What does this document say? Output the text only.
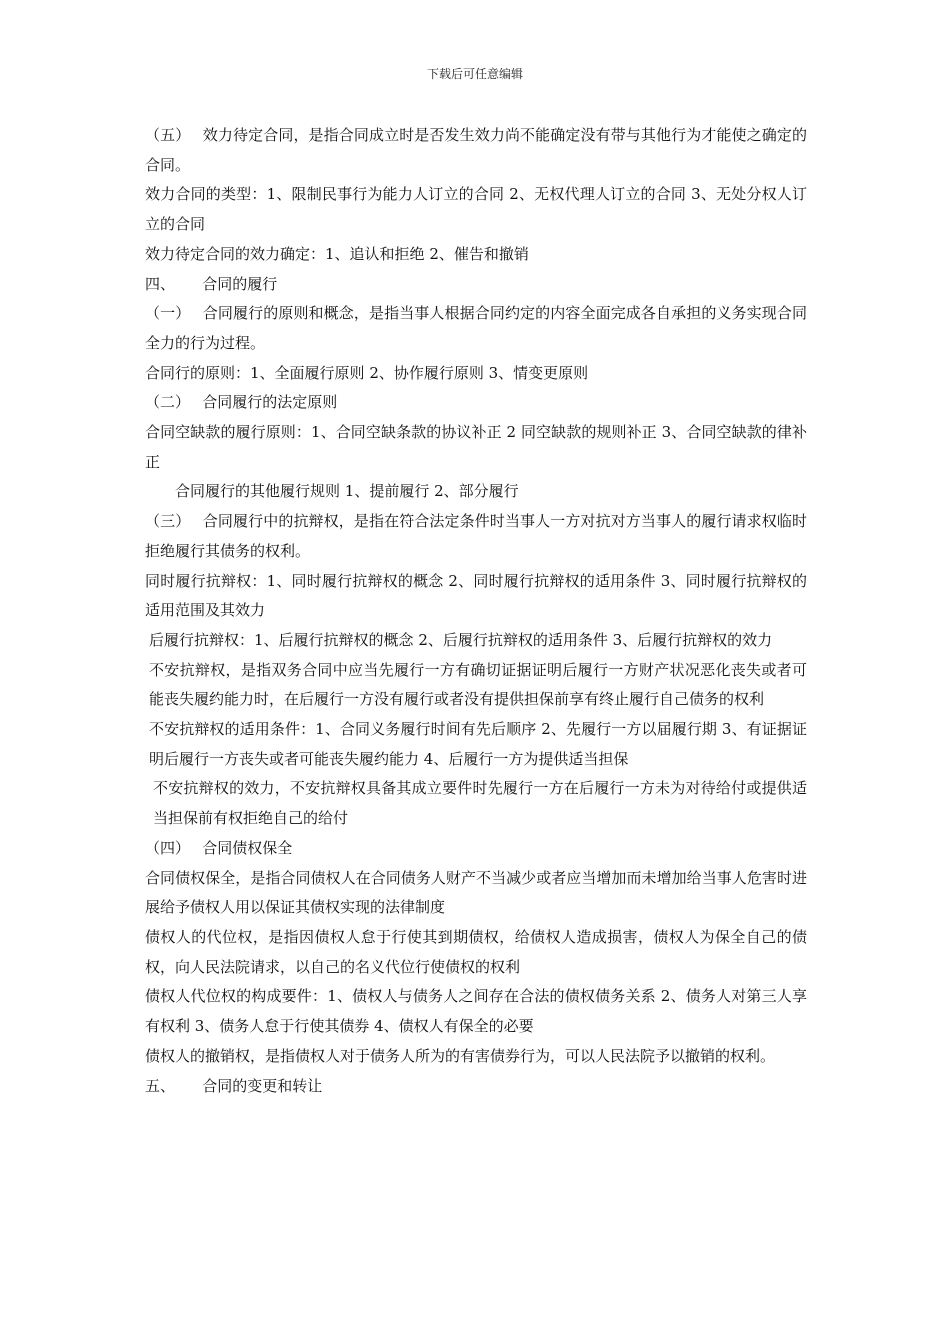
下载后可任意编辑

（五）　 效力待定合同，是指合同成立时是否发生效力尚不能确定没有带与其他行为才能使之确定的合同。

效力合同的类型：1、限制民事行为能力人订立的合同 2、无权代理人订立的合同 3、无处分权人订立的合同

效力待定合同的效力确定：1、追认和拒绝 2、催告和撤销

四、　　 合同的履行

（一）　 合同履行的原则和概念，是指当事人根据合同约定的内容全面完成各自承担的义务实现合同全力的行为过程。

合同行的原则：1、全面履行原则 2、协作履行原则 3、情变更原则

（二）　 合同履行的法定原则

合同空缺款的履行原则：1、合同空缺条款的协议补正 2 同空缺款的规则补正 3、合同空缺款的律补正

合同履行的其他履行规则 1、提前履行 2、部分履行

（三）　 合同履行中的抗辩权，是指在符合法定条件时当事人一方对抗对方当事人的履行请求权临时拒绝履行其债务的权利。

同时履行抗辩权：1、同时履行抗辩权的概念 2、同时履行抗辩权的适用条件 3、同时履行抗辩权的适用范围及其效力

后履行抗辩权：1、后履行抗辩权的概念 2、后履行抗辩权的适用条件 3、后履行抗辩权的效力

不安抗辩权，是指双务合同中应当先履行一方有确切证据证明后履行一方财产状况恶化丧失或者可能丧失履约能力时，在后履行一方没有履行或者没有提供担保前享有终止履行自己债务的权利

不安抗辩权的适用条件：1、合同义务履行时间有先后顺序 2、先履行一方以届履行期 3、有证据证明后履行一方丧失或者可能丧失履约能力 4、后履行一方为提供适当担保

不安抗辩权的效力，不安抗辩权具备其成立要件时先履行一方在后履行一方未为对待给付或提供适当担保前有权拒绝自己的给付

（四）　 合同债权保全

合同债权保全，是指合同债权人在合同债务人财产不当减少或者应当增加而未增加给当事人危害时进展给予债权人用以保证其债权实现的法律制度

债权人的代位权，是指因债权人怠于行使其到期债权，给债权人造成损害，债权人为保全自己的债权，向人民法院请求，以自己的名义代位行使债权的权利

债权人代位权的构成要件：1、债权人与债务人之间存在合法的债权债务关系 2、债务人对第三人享有权利 3、债务人怠于行使其债券 4、债权人有保全的必要

债权人的撤销权，是指债权人对于债务人所为的有害债券行为，可以人民法院予以撤销的权利。

五、　　 合同的变更和转让
